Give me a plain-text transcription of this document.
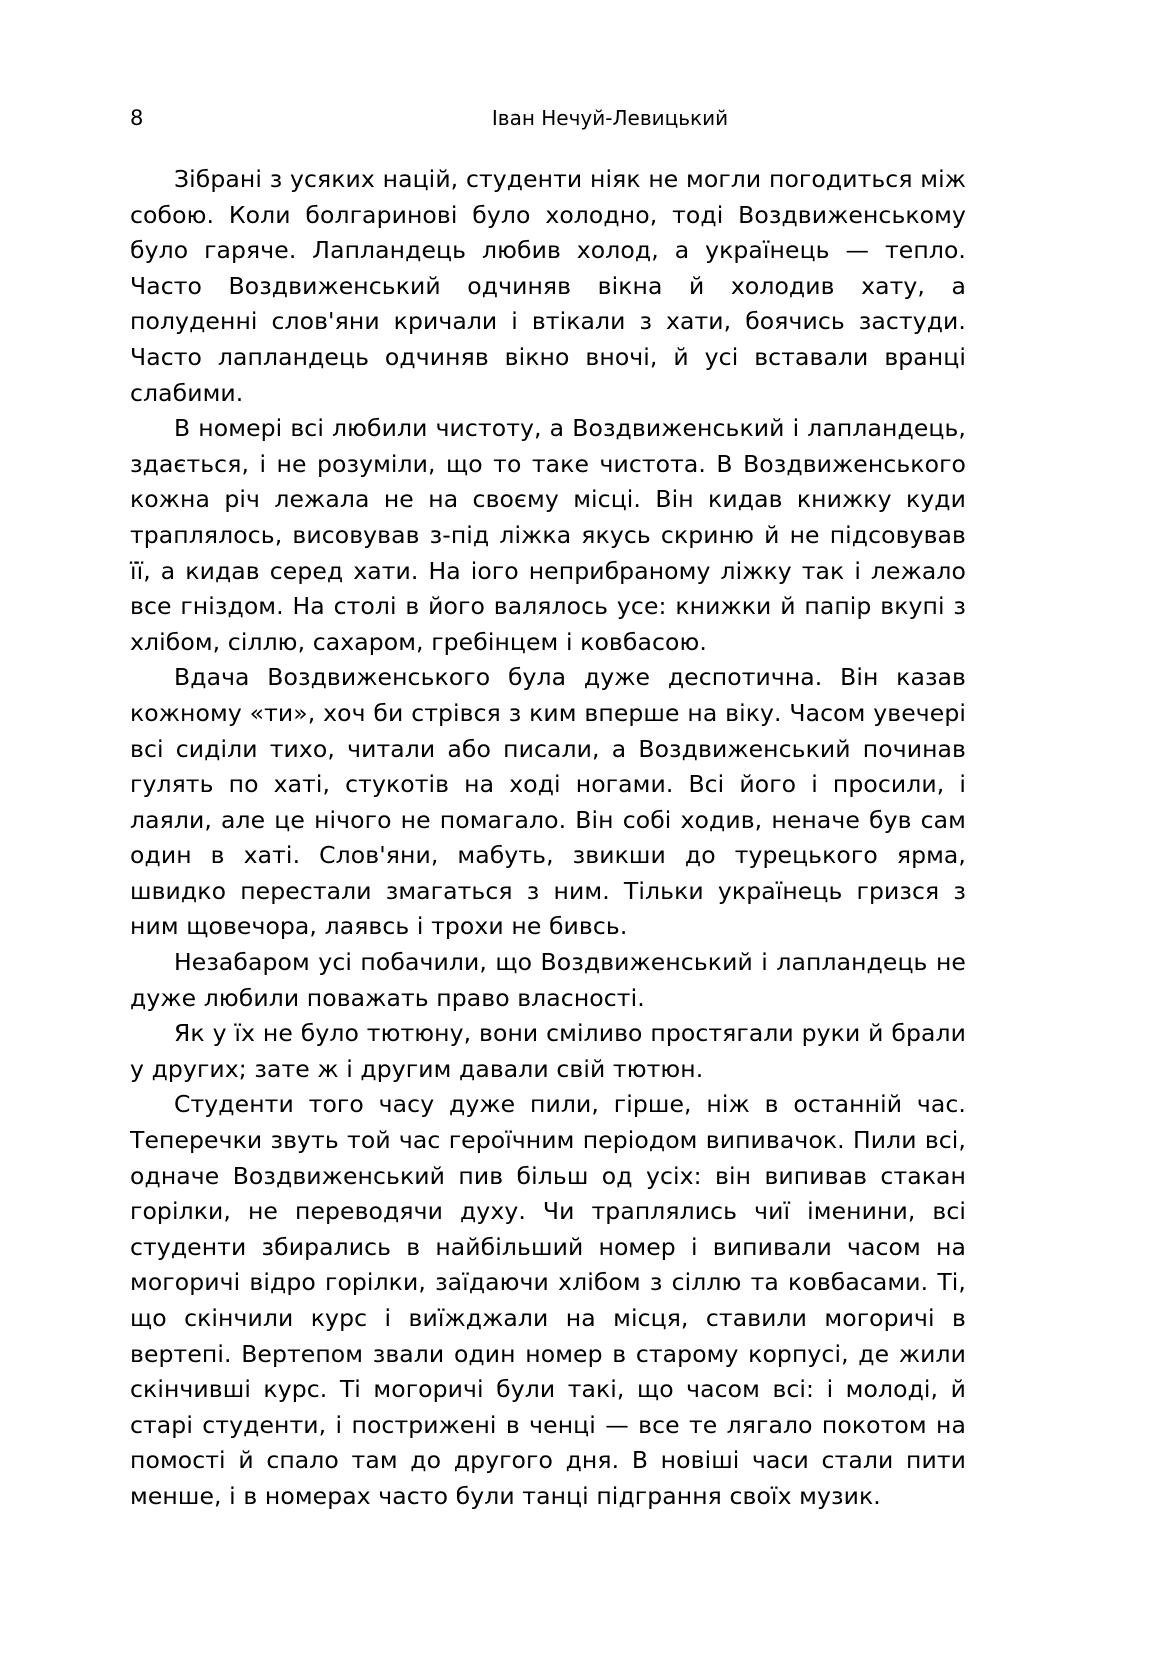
8	Іван Нечуй-Левицький

Зібрані з усяких націй, студенти ніяк не могли погодиться між собою. Коли болгаринові було холодно, тоді Воздвиженському було гаряче. Лапландець любив холод, а українець — тепло. Часто Воздвиженський одчиняв вікна й холодив хату, а полуденні слов'яни кричали і втікали з хати, боячись застуди. Часто лапландець одчиняв вікно вночі, й усі вставали вранці слабими.

В номері всі любили чистоту, а Воздвиженський і лапландець, здається, і не розуміли, що то таке чистота. В Воздвиженського кожна річ лежала не на своєму місці. Він кидав книжку куди траплялось, висовував з-під ліжка якусь скриню й не підсовував її, а кидав серед хати. На іого неприбраному ліжку так і лежало все гніздом. На столі в його валялось усе: книжки й папір вкупі з хлібом, сіллю, сахаром, гребінцем і ковбасою.

Вдача Воздвиженського була дуже деспотична. Він казав кожному «ти», хоч би стрівся з ким вперше на віку. Часом увечері всі сиділи тихо, читали або писали, а Воздвиженський починав гулять по хаті, стукотів на ході ногами. Всі його і просили, і лаяли, але це нічого не помагало. Він собі ходив, неначе був сам один в хаті. Слов'яни, мабуть, звикши до турецького ярма, швидко перестали змагаться з ним. Тільки українець гризся з ним щовечора, лаявсь і трохи не бивсь.

Незабаром усі побачили, що Воздвиженський і лапландець не дуже любили поважать право власності.

Як у їх не було тютюну, вони сміливо простягали руки й брали у других; зате ж і другим давали свій тютюн.

Студенти того часу дуже пили, гірше, ніж в останній час. Теперечки звуть той час героїчним періодом випивачок. Пили всі, одначе Воздвиженський пив більш од усіх: він випивав стакан горілки, не переводячи духу. Чи траплялись чиї іменини, всі студенти збирались в найбільший номер і випивали часом на могоричі відро горілки, заїдаючи хлібом з сіллю та ковбасами. Ті, що скінчили курс і виїжджали на місця, ставили могоричі в вертепі. Вертепом звали один номер в старому корпусі, де жили скінчивші курс. Ті могоричі були такі, що часом всі: і молоді, й старі студенти, і пострижені в ченці — все те лягало покотом на помості й спало там до другого дня. В новіші часи стали пити менше, і в номерах часто були танці підграння своїх музик.
